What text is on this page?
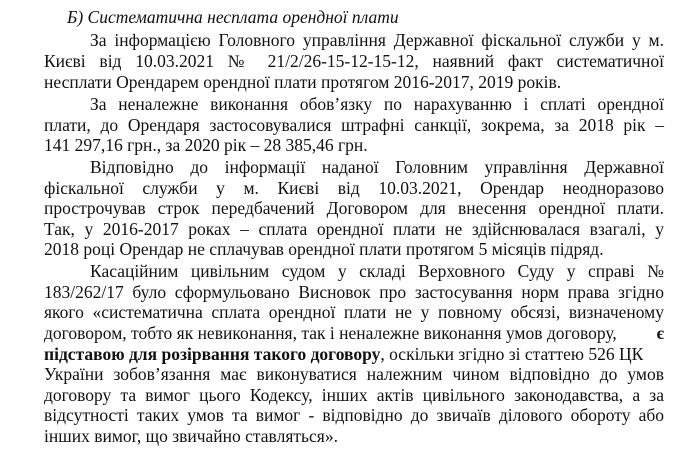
Б) Систематична несплата орендної плати
За інформацією Головного управління Державної фіскальної служби у м.
Києві від 10.03.2021 № 21/2/26-15-12-15-12, наявний факт систематичної
несплати Орендарем орендної плати протягом 2016-2017, 2019 років.
За неналежне виконання обов’язку по нарахуванню і сплаті орендної
плати, до Орендаря застосовувалися штрафні санкції, зокрема, за 2018 рік –
141 297,16 грн., за 2020 рік – 28 385,46 грн.
Відповідно до інформації наданої Головним управління Державної
фіскальної служби у м. Києві від 10.03.2021, Орендар неодноразово
прострочував строк передбачений Договором для внесення орендної плати.
Так, у 2016-2017 роках – сплата орендної плати не здійснювалася взагалі, у
2018 році Орендар не сплачував орендної плати протягом 5 місяців підряд.
Касаційним цивільним судом у складі Верховного Суду у справі №
183/262/17 було сформульовано Висновок про застосування норм права згідно
якого «систематична сплата орендної плати не у повному обсязі, визначеному
договором, тобто як невиконання, так і неналежне виконання умов договору, є
підставою для розірвання такого договору, оскільки згідно зі статтею 526 ЦК
України зобов’язання має виконуватися належним чином відповідно до умов
договору та вимог цього Кодексу, інших актів цивільного законодавства, а за
відсутності таких умов та вимог - відповідно до звичаїв ділового обороту або
інших вимог, що звичайно ставляться».
